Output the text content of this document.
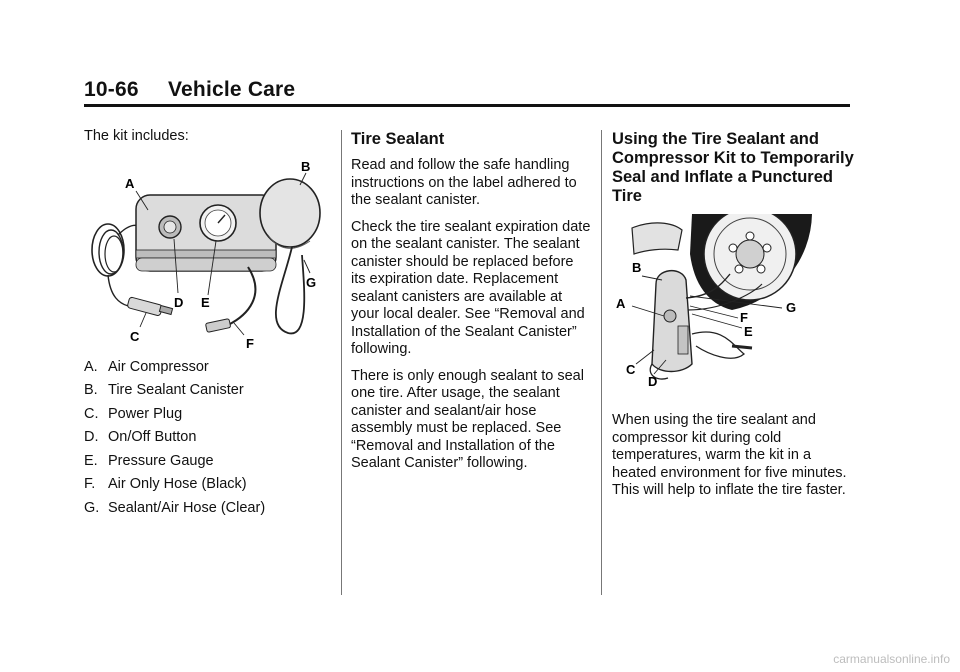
10-66 Vehicle Care

The kit includes:

A
B
C
D E
F
G
A. Air Compressor
B. Tire Sealant Canister
C. Power Plug
D. On/Off Button
E. Pressure Gauge
F. Air Only Hose (Black)
G. Sealant/Air Hose (Clear)
Tire Sealant

Read and follow the safe handling instructions on the label adhered to the sealant canister.

Check the tire sealant expiration date on the sealant canister. The sealant canister should be replaced before its expiration date. Replacement sealant canisters are available at your local dealer. See “Removal and Installation of the Sealant Canister” following.

There is only enough sealant to seal one tire. After usage, the sealant canister and sealant/air hose assembly must be replaced. See “Removal and Installation of the Sealant Canister” following.

Using the Tire Sealant and Compressor Kit to Temporarily Seal and Inflate a Punctured Tire
B
A	G
F
E
C
D

When using the tire sealant and compressor kit during cold temperatures, warm the kit in a heated environment for five minutes. This will help to inflate the tire faster.

carmanualsonline.info
